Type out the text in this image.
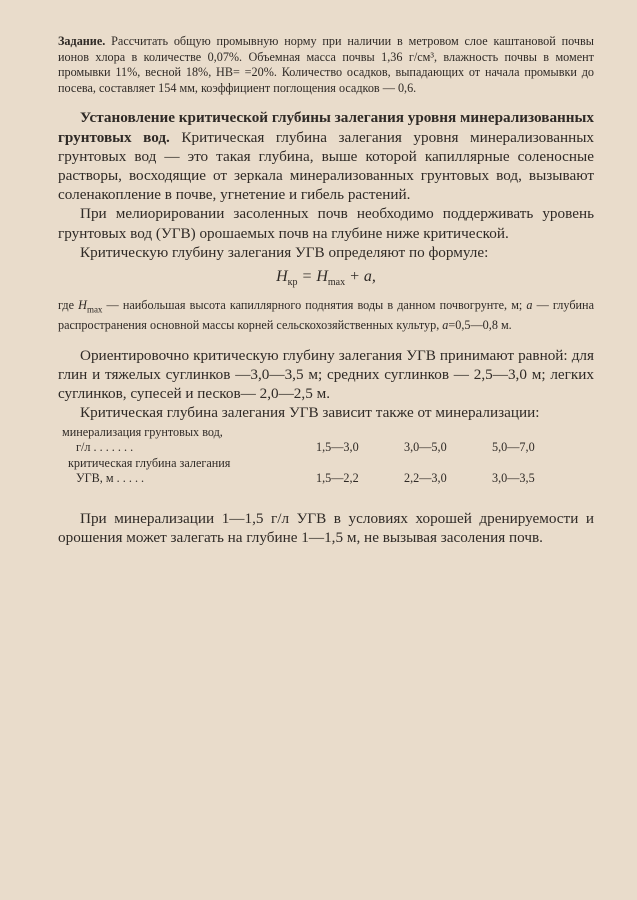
Задание. Рассчитать общую промывную норму при наличии в метровом слое каштановой почвы ионов хлора в количестве 0,07%. Объемная масса почвы 1,36 г/см³, влажность почвы в момент промывки 11%, весной 18%, НВ= =20%. Количество осадков, выпадающих от начала промывки до посева, составляет 154 мм, коэффициент поглощения осадков — 0,6.

Установление критической глубины залегания уровня минерализованных грунтовых вод. Критическая глубина залегания уровня минерализованных грунтовых вод — это такая глубина, выше которой капиллярные соленосные растворы, восходящие от зеркала минерализованных грунтовых вод, вызывают соленакопление в почве, угнетение и гибель растений.

При мелиорировании засоленных почв необходимо поддерживать уровень грунтовых вод (УГВ) орошаемых почв на глубине ниже критической.

Критическую глубину залегания УГВ определяют по формуле:

$H_{кр} = H_{max} + a$,

где $H_{max}$ — наибольшая высота капиллярного поднятия воды в данном почвогрунте, м; a — глубина распространения основной массы корней сельскохозяйственных культур, a=0,5—0,8 м.

Ориентировочно критическую глубину залегания УГВ принимают равной: для глин и тяжелых суглинков —3,0—3,5 м; средних суглинков — 2,5—3,0 м; легких суглинков, супесей и песков— 2,0—2,5 м.

Критическая глубина залегания УГВ зависит также от минерализации:

минерализация грунтовых вод,			
г/л . . . . . . .	1,5—3,0	3,0—5,0	5,0—7,0
критическая глубина залегания			
УГВ, м . . . . .	1,5—2,2	2,2—3,0	3,0—3,5

При минерализации 1—1,5 г/л УГВ в условиях хорошей дренируемости и орошения может залегать на глубине 1—1,5 м, не вызывая засоления почв.
